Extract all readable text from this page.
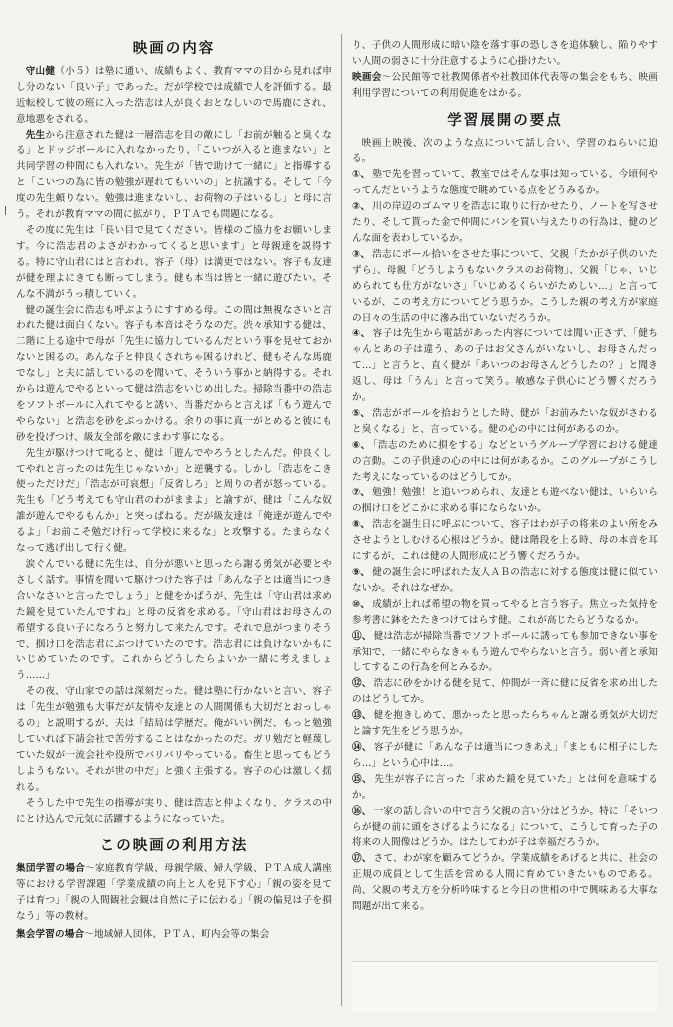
|
映画の内容

守山健（小５）は塾に通い、成績もよく、教育ママの目から見れば申し分のない「良い子」であった。だが学校では成績で人を評価する。最近転校して彼の班に入った浩志は人が良くおとなしいので馬鹿にされ、意地悪をされる。

先生から注意された健は一層浩志を目の敵にし「お前が触ると臭くなる」とドッジボールに入れなかったり、「こいつが入ると進まない」と共同学習の仲間にも入れない。先生が「皆で助けて一緒に」と指導すると「こいつの為に皆の勉強が遅れてもいいの」と抗議する。そして「今度の先生頼りない。勉強は進まないし、お荷物の子はいるし」と母に言う。それが教育ママの間に拡がり、ＰＴＡでも問題になる。

その度に先生は「長い目で見てください。皆様のご協力をお願いします。今に浩志君のよさがわかってくると思います」と母親達を説得する。特に守山君にはと言われ、容子（母）は満更ではない。容子も友達が健を理よにきても断ってしまう。健も本当は皆と一緒に遊びたい。そんな不満がうっ積していく。

健の誕生会に浩志も呼ぶようにすすめる母。この間は無視なさいと言われた健は面白くない。容子も本音はそうなのだ。渋々承知する健は、二階に上る途中で母が「先生に協力しているんだという事を見せておかないと困るの。あんな子と仲良くされちゃ困るけれど、健もそんな馬鹿でなし」と夫に話しているのを聞いて、そういう事かと納得する。それからは遊んでやるといって健は浩志をいじめ出した。掃除当番中の浩志をソフトボールに入れてやると誘い、当番だからと言えば「もう遊んでやらない」と浩志を砂をぶっかける。余りの事に真一がとめると彼にも砂を投げつけ、級友全部を敵にまわす事になる。

先生が駆けつけて叱ると、健は「遊んでやろうとしたんだ。仲良くしてやれと言ったのは先生じゃないか」と逆襲する。しかし「浩志をこき使っただけだ」「浩志が可哀想」「反省しろ」と周りの者が怒っている。先生も「どう考えても守山君のわがままよ」と諭すが、健は「こんな奴誰が遊んでやるもんか」と突っぱねる。だが級友達は「俺達が遊んでやるよ」「お前こそ勉だけ行って学校に来るな」と攻撃する。たまらなくなって逃げ出して行く健。

涙ぐんでいる健に先生は、自分が悪いと思ったら謝る勇気が必要とやさしく話す。事情を聞いて駆けつけた容子は「あんな子とは適当につき合いなさいと言ったでしょう」と健をかばうが、先生は「守山君は求めた鏡を見ていたんですね」と母の反省を求める。「守山君はお母さんの希望する良い子になろうと努力して来たんです。それで息がつまりそうで、掴け口を浩志君にぶつけていたのです。浩志君には負けないかもにいじめていたのです。これからどうしたらよいか一緒に考えましょう……」

その夜、守山家での話は深刻だった。健は塾に行かないと言い、容子は「先生が勉強も大事だが友情や友達との人間関係も大切だとおっしゃるの」と説明するが、夫は「結局は学歴だ。俺がいい例だ、もっと勉強していれば下請会社で苦労することはなかったのだ。ガリ勉だと軽蔑していた奴が一流会社や役所でバリバリやっている。畜生と思ってもどうしようもない。それが世の中だ」と強く主張する。容子の心は激しく揺れる。

そうした中で先生の指導が実り、健は浩志と仲よくなり、クラスの中にとけ込んで元気に活躍するようになっていた。

この映画の利用方法

集団学習の場合〜家庭教育学級、母親学級、婦人学級、ＰＴＡ成人講座等における学習課題「学業成績の向上と人を見下す心」「親の姿を見て子は育つ」「親の人間観社会観は自然に子に伝わる」「親の偏見は子を損なう」等の教材。

集会学習の場合〜地域婦人団体、ＰＴＡ、町内会等の集会

り、子供の人間形成に暗い陰を落す事の恐しさを追体験し、陥りやすい人間の弱さに十分注意するように心掛けたい。

映画会〜公民館等で社教関係者や社教団体代表等の集会をもち、映画利用学習についての利用促進をはかる。

学習展開の要点

映画上映後、次のような点について話し合い、学習のねらいに迫る。

①、 塾で先を習っていて、教室ではそんな事は知っている、今頃何やってんだというような態度で眺めている点をどうみるか。

②、 川の岸辺のゴムマリを浩志に取りに行かせたり、ノートを写させたり、そして貰った金で仲間にパンを買い与えたりの行為は、健のどんな面を表わしているか。

③、 浩志にボール拾いをさせた事について、父親「たかが子供のいたずら」、母親「どうしようもないクラスのお荷物」、父親「じゃ、いじめられても仕方がないさ」「いじめるくらいがためしい…」と言っているが、この考え方についてどう思うか。こうした親の考え方が家庭の日々の生活の中に滲み出ていないだろうか。

④、 容子は先生から電話があった内容については聞い正さず、「健ちゃんとあの子は違う、あの子はお父さんがいないし、お母さんだって…」と言うと、直く健が「あいつのお母さんどうしたの？」と聞き返し、母は「うん」と言って笑う。敏感な子供心にどう響くだろうか。

⑤、 浩志がボールを拾おうとした時、健が「お前みたいな奴がさわると臭くなる」と、言っている。健の心の中には何があるのか。

⑥、 「浩志のために損をする」などというグループ学習における健達の言動。この子供達の心の中には何があるか。このグループがこうした考えになっているのはどうしてか。

⑦、 勉強！勉強！と追いつめられ、友達とも遊べない健は、いらいらの掴け口をどこかに求める事にならないか。

⑧、 浩志を誕生日に呼ぶについて、容子はわが子の将来のよい所をみさせようとしむける心根はどうか。健は階段を上る時、母の本音を耳にするが、これは健の人間形成にどう響くだろうか。

⑨、 健の誕生会に呼ばれた友人ＡＢの浩志に対する態度は健に似ていないか。それはなぜか。

⑩、 成績が上れば希望の物を買ってやると言う容子。焦立った気持を参考書に鉢をたたきつけてはらす健。これが高じたらどうなるか。

⑪、 健は浩志が掃除当番でソフトボールに誘っても参加できない事を承知で、一緒にやらなきゃもう遊んでやらないと言う。弱い者と承知してするこの行為を何とみるか。

⑫、 浩志に砂をかける健を見て、仲間が一斉に健に反省を求め出したのはどうしてか。

⑬、 健を抱きしめて、悪かったと思ったらちゃんと謝る勇気が大切だと論す先生をどう思うか。

⑭、 容子が健に「あんな子は適当につきあえ」「まともに相子にしたら…」という心中は…。

⑮、 先生が容子に言った「求めた鏡を見ていた」とは何を意味するか。

⑯、 一家の話し合いの中で言う父親の言い分はどうか。特に「そいつらが健の前に頭をさげるようになる」について、こうして育った子の将来の人間像はどうか。はたしてわが子は幸福だろうか。

⑰、 さて、わが家を顧みてどうか。学業成績をあげると共に、社会の正規の成員として生活を営める人間に育めていきたいものである。尚、父親の考え方を分析吟味すると今日の世相の中で興味ある大事な問題が出て来る。
